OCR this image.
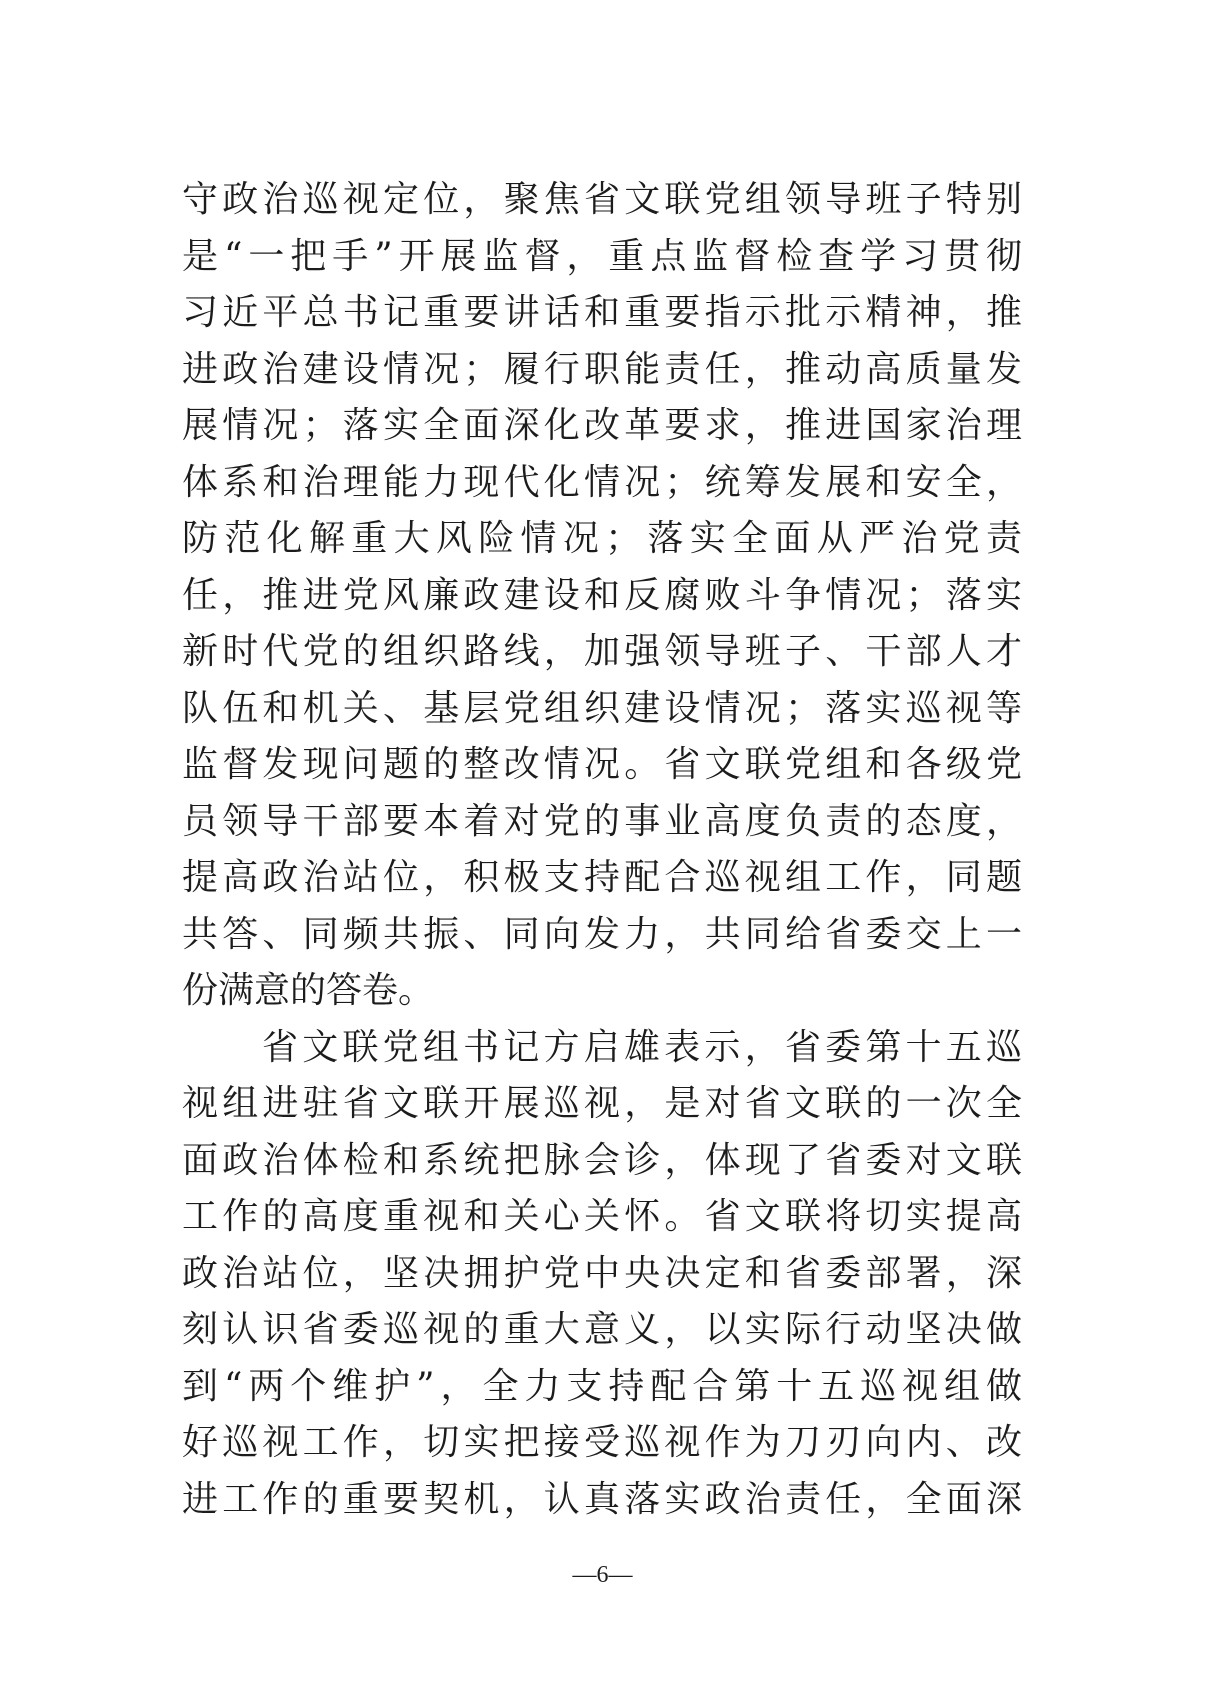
守政治巡视定位，聚焦省文联党组领导班子特别
是“一把手”开展监督，重点监督检查学习贯彻
习近平总书记重要讲话和重要指示批示精神，推
进政治建设情况；履行职能责任，推动高质量发
展情况；落实全面深化改革要求，推进国家治理
体系和治理能力现代化情况；统筹发展和安全，
防范化解重大风险情况；落实全面从严治党责
任，推进党风廉政建设和反腐败斗争情况；落实
新时代党的组织路线，加强领导班子、干部人才
队伍和机关、基层党组织建设情况；落实巡视等
监督发现问题的整改情况。省文联党组和各级党
员领导干部要本着对党的事业高度负责的态度，
提高政治站位，积极支持配合巡视组工作，同题
共答、同频共振、同向发力，共同给省委交上一
份满意的答卷。
省文联党组书记方启雄表示，省委第十五巡
视组进驻省文联开展巡视，是对省文联的一次全
面政治体检和系统把脉会诊，体现了省委对文联
工作的高度重视和关心关怀。省文联将切实提高
政治站位，坚决拥护党中央决定和省委部署，深
刻认识省委巡视的重大意义，以实际行动坚决做
到“两个维护”，全力支持配合第十五巡视组做
好巡视工作，切实把接受巡视作为刀刃向内、改
进工作的重要契机，认真落实政治责任，全面深
—6—
